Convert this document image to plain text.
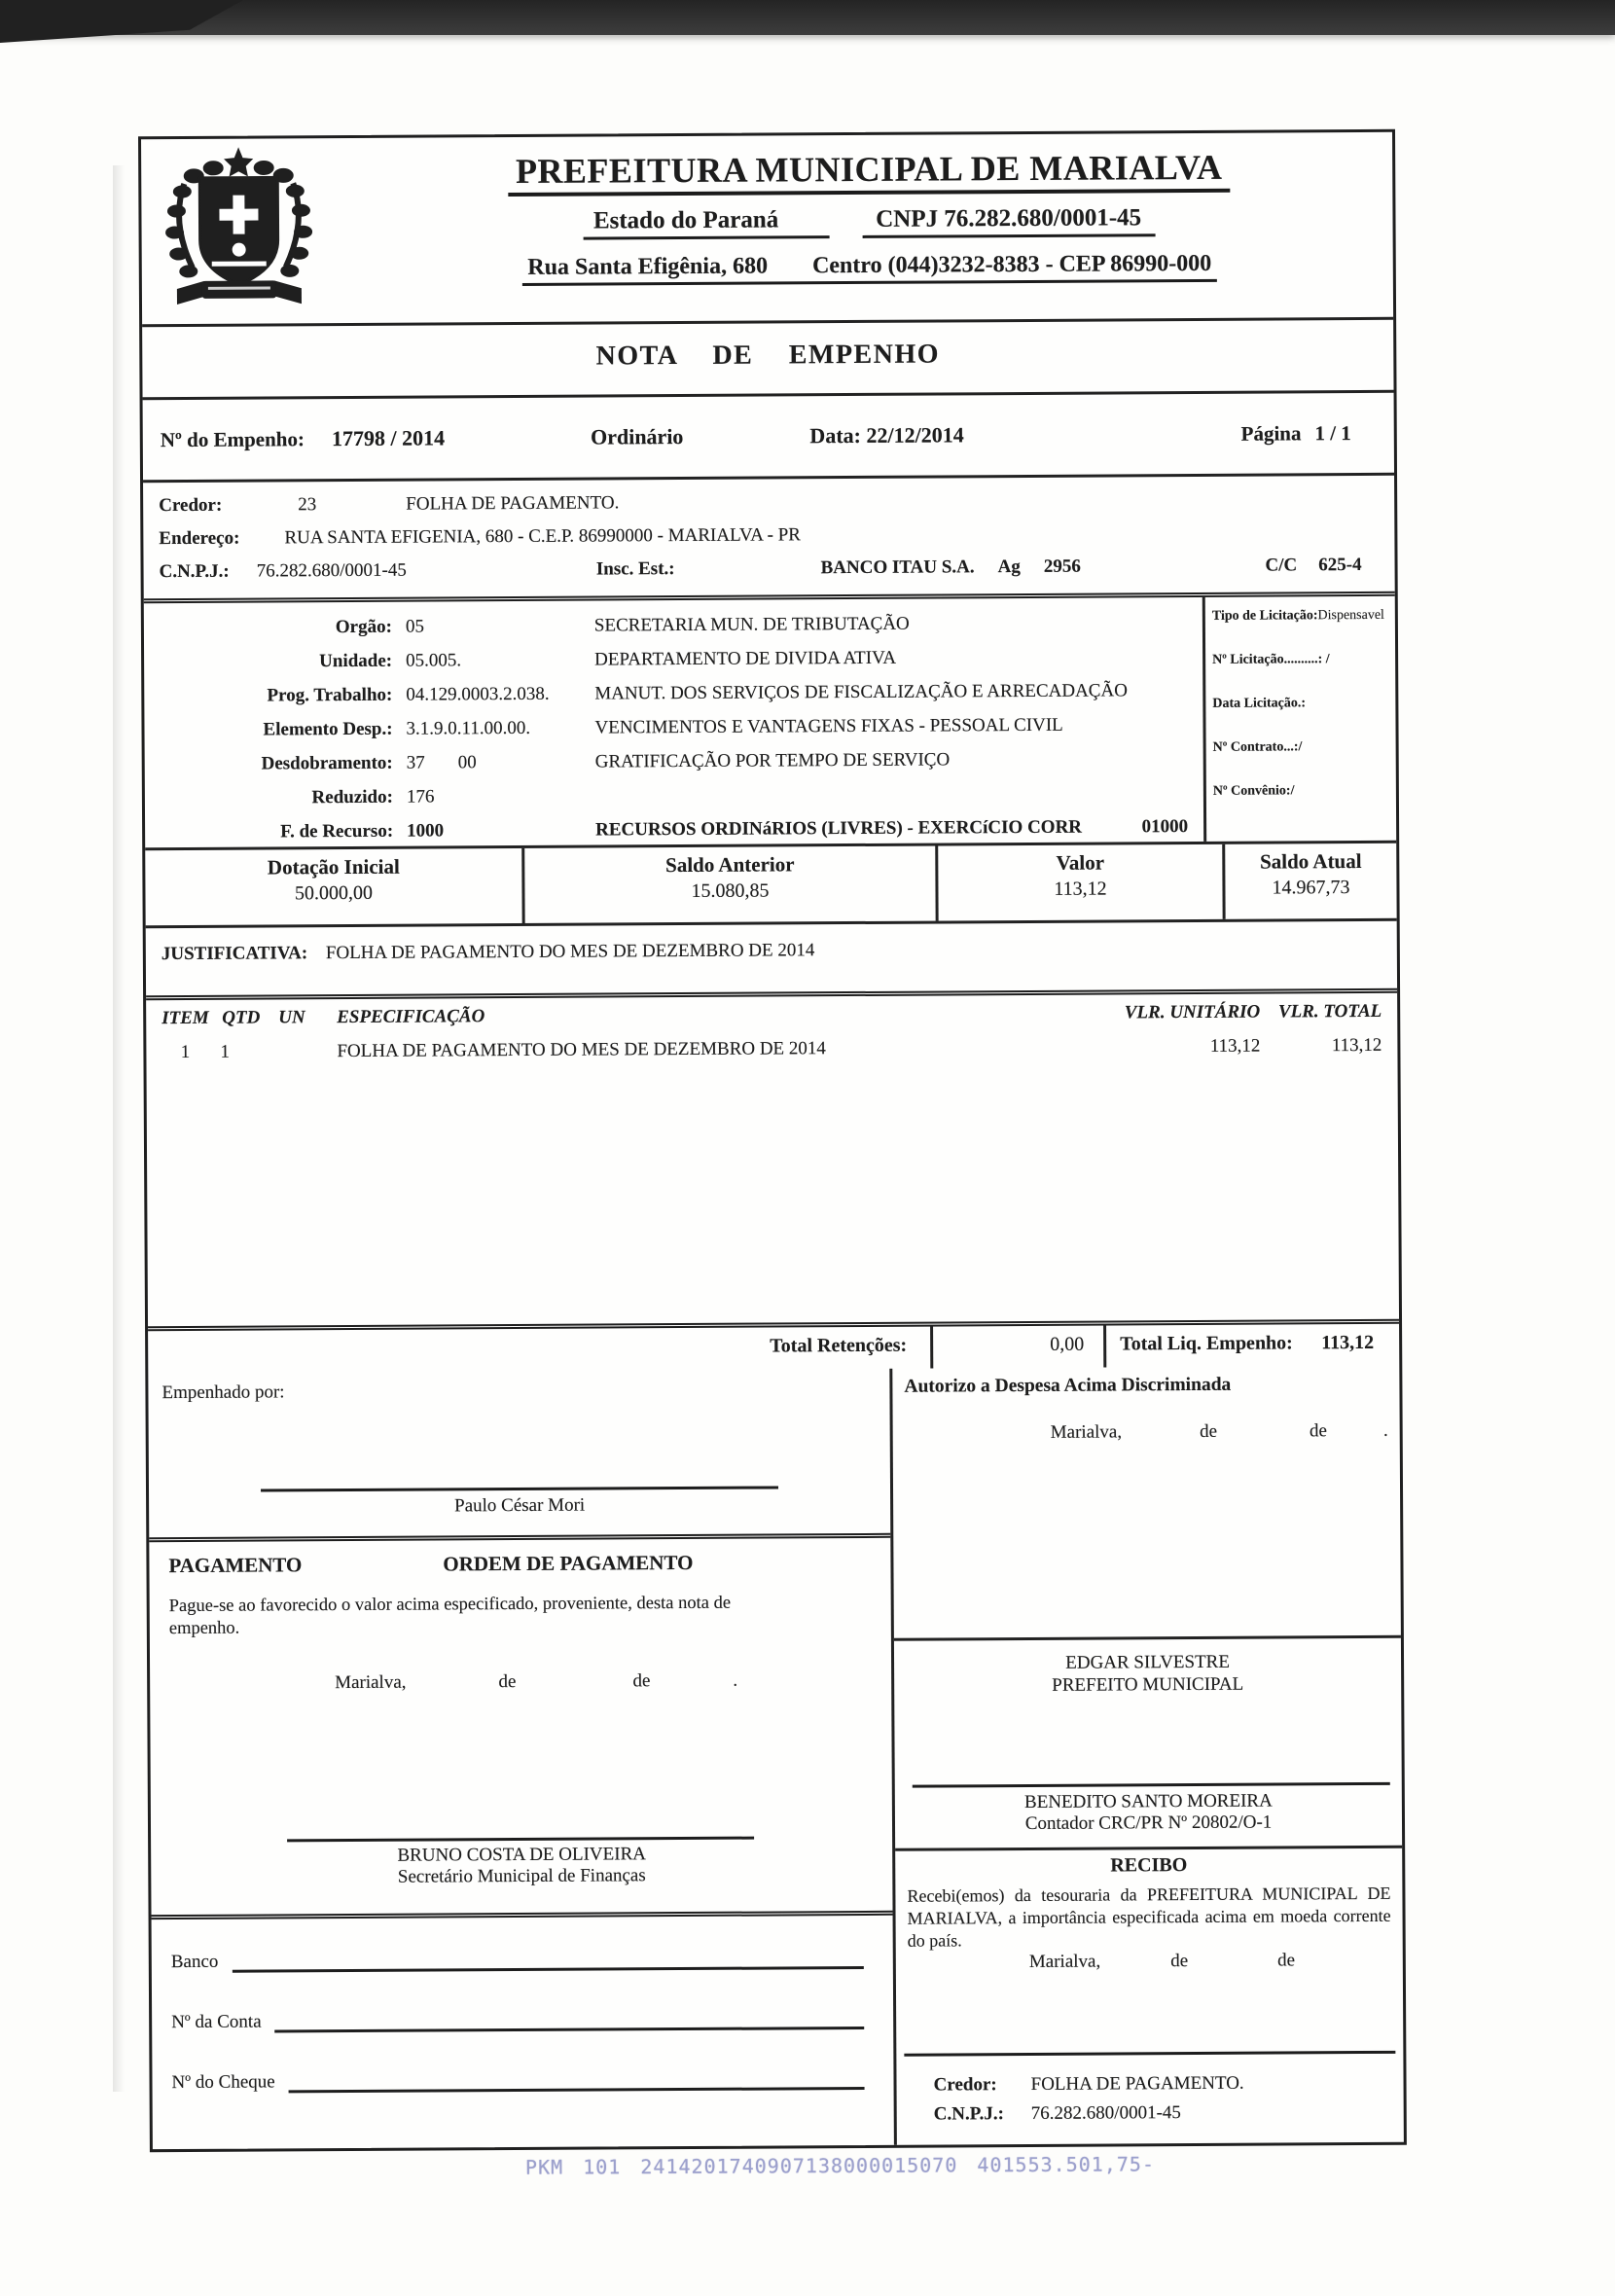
PREFEITURA MUNICIPAL DE MARIALVA
Estado do Paraná	CNPJ 76.282.680/0001-45
Rua Santa Efigênia, 680 Centro (044)3232-8383 - CEP 86990-000
NOTA DE EMPENHO
Nº do Empenho: 17798 / 2014	Ordinário	Data: 22/12/2014	Página 1 / 1
Credor:	23	FOLHA DE PAGAMENTO.
Endereço: RUA SANTA EFIGENIA, 680 - C.E.P. 86990000 - MARIALVA - PR
C.N.P.J.: 76.282.680/0001-45	Insc. Est.:	BANCO ITAU S.A. Ag 2956	C/C 625-4
Orgão: 05	SECRETARIA MUN. DE TRIBUTAÇÃO
Unidade: 05.005.	DEPARTAMENTO DE DIVIDA ATIVA
Prog. Trabalho: 04.129.0003.2.038.	MANUT. DOS SERVIÇOS DE FISCALIZAÇÃO E ARRECADAÇÃO
Elemento Desp.: 3.1.9.0.11.00.00.	VENCIMENTOS E VANTAGENS FIXAS - PESSOAL CIVIL
Desdobramento: 37 00	GRATIFICAÇÃO POR TEMPO DE SERVIÇO
Reduzido: 176
F. de Recurso: 1000	RECURSOS ORDINáRIOS (LIVRES) - EXERCíCIO CORR	01000
Tipo de Licitação:Dispensavel
Nº Licitação..........: /
Data Licitação.:
Nº Contrato...:/
Nº Convênio:/
Dotação Inicial
50.000,00
Saldo Anterior
15.080,85
Valor
113,12
Saldo Atual
14.967,73
JUSTIFICATIVA: FOLHA DE PAGAMENTO DO MES DE DEZEMBRO DE 2014
ITEM QTD UN	ESPECIFICAÇÃO	VLR. UNITÁRIO VLR. TOTAL
1	1	FOLHA DE PAGAMENTO DO MES DE DEZEMBRO DE 2014	113,12	113,12
Total Retenções:	0,00	Total Liq. Empenho: 113,12
Empenhado por:
Paulo César Mori
PAGAMENTO	ORDEM DE PAGAMENTO
Pague-se ao favorecido o valor acima especificado, proveniente, desta nota de empenho.
Marialva,	de	de	.
BRUNO COSTA DE OLIVEIRA
Secretário Municipal de Finanças
Banco
Nº da Conta
Nº do Cheque
Autorizo a Despesa Acima Discriminada
Marialva,	de	de	.
EDGAR SILVESTRE
PREFEITO MUNICIPAL
BENEDITO SANTO MOREIRA
Contador CRC/PR Nº 20802/O-1
RECIBO
Recebi(emos) da tesouraria da PREFEITURA MUNICIPAL DE MARIALVA, a importância especificada acima em moeda corrente do país.
Marialva,	de	de
Credor:	FOLHA DE PAGAMENTO.
C.N.P.J.:	76.282.680/0001-45
PKM 101 2414201740907138000015070 401553.501,75-
